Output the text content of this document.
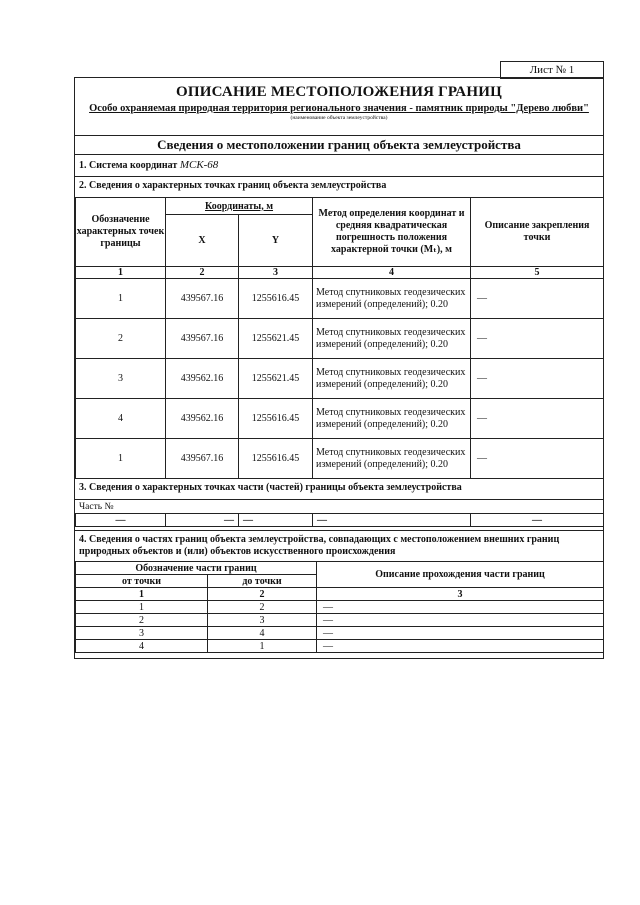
Лист № 1
ОПИСАНИЕ МЕСТОПОЛОЖЕНИЯ ГРАНИЦ
Особо охраняемая природная территория регионального значения - памятник природы "Дерево любви"
(наименование объекта землеустройства)
Сведения о местоположении границ объекта землеустройства
1. Система координат МСК-68
2. Сведения о характерных точках границ объекта землеустройства
Обозначение характерных точек границы	Координаты, м		Метод определения координат и средняя квадратическая погрешность положения характерной точки (Mₜ), м	Описание закрепления точки
	X	Y		
1	2	3	4	5
1	439567.16	1255616.45	Метод спутниковых геодезических измерений (определений); 0.20	—
2	439567.16	1255621.45	Метод спутниковых геодезических измерений (определений); 0.20	—
3	439562.16	1255621.45	Метод спутниковых геодезических измерений (определений); 0.20	—
4	439562.16	1255616.45	Метод спутниковых геодезических измерений (определений); 0.20	—
1	439567.16	1255616.45	Метод спутниковых геодезических измерений (определений); 0.20	—
3. Сведения о характерных точках части (частей) границы объекта землеустройства
Часть №
—	—	—	—	—
4. Сведения о частях границ объекта землеустройства, совпадающих с местоположением внешних границ природных объектов и (или) объектов искусственного происхождения
Обозначение части границ		Описание прохождения части границ
от точки	до точки	
1	2	3
1	2	—
2	3	—
3	4	—
4	1	—
